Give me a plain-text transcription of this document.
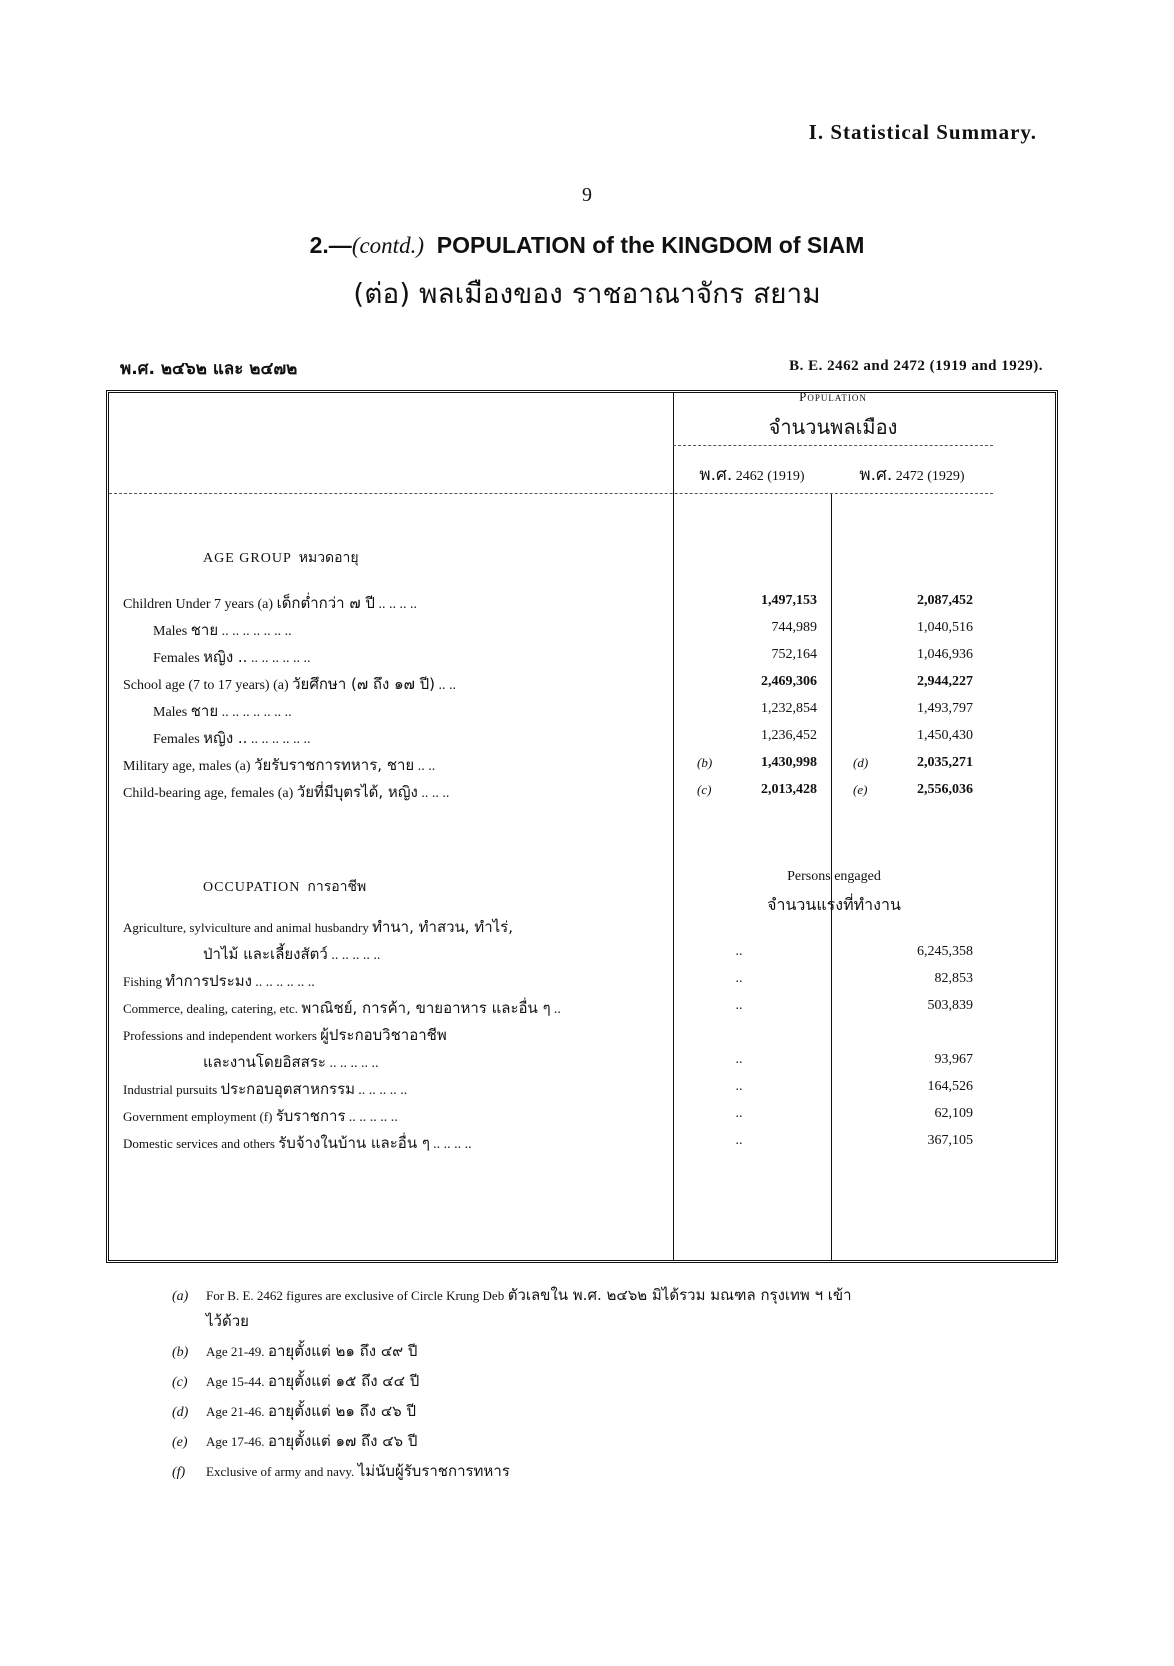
I. Statistical Summary.
9
2.—(contd.) POPULATION of the KINGDOM of SIAM
(ต่อ) พลเมืองของ ราชอาณาจักร สยาม
พ.ศ. ๒๔๖๒ และ ๒๔๗๒	B. E. 2462 and 2472 (1919 and 1929).
Population
จำนวนพลเมือง
พ.ศ. 2462 (1919)	พ.ศ. 2472 (1929)
AGE GROUP หมวดอายุ
Children Under 7 years (a) เด็กต่ำกว่า ๗ ปี .. .. .. ..	1,497,153	2,087,452
Males ชาย .. .. .. .. .. .. ..	744,989	1,040,516
Females หญิง .. .. .. .. .. .. ..	752,164	1,046,936
School age (7 to 17 years) (a) วัยศึกษา (๗ ถึง ๑๗ ปี) .. ..	2,469,306	2,944,227
Males ชาย .. .. .. .. .. .. ..	1,232,854	1,493,797
Females หญิง .. .. .. .. .. .. ..	1,236,452	1,450,430
Military age, males (a) วัยรับราชการทหาร, ชาย .. ..	(b)	1,430,998	(d)	2,035,271
Child-bearing age, females (a) วัยที่มีบุตรได้, หญิง .. .. ..	(c)	2,013,428	(e)	2,556,036
OCCUPATION การอาชีพ
Persons engaged
จำนวนแรงที่ทำงาน
Agriculture, sylviculture and animal husbandry ทำนา, ทำสวน, ทำไร่,
ป่าไม้ และเลี้ยงสัตว์ .. .. .. .. ..	..	6,245,358
Fishing ทำการประมง .. .. .. .. .. ..	..	82,853
Commerce, dealing, catering, etc. พาณิชย์, การค้า, ขายอาหาร และอื่น ๆ ..	..	503,839
Professions and independent workers ผู้ประกอบวิชาอาชีพ
และงานโดยอิสสระ .. .. .. .. ..	..	93,967
Industrial pursuits ประกอบอุตสาหกรรม .. .. .. .. ..	..	164,526
Government employment (f) รับราชการ .. .. .. .. ..	..	62,109
Domestic services and others รับจ้างในบ้าน และอื่น ๆ .. .. .. ..	..	367,105
(a) For B. E. 2462 figures are exclusive of Circle Krung Deb ตัวเลขใน พ.ศ. ๒๔๖๒ มิได้รวม มณฑล กรุงเทพ ฯ เข้า
ไว้ด้วย
(b) Age 21-49. อายุตั้งแต่ ๒๑ ถึง ๔๙ ปี
(c) Age 15-44. อายุตั้งแต่ ๑๕ ถึง ๔๔ ปี
(d) Age 21-46. อายุตั้งแต่ ๒๑ ถึง ๔๖ ปี
(e) Age 17-46. อายุตั้งแต่ ๑๗ ถึง ๔๖ ปี
(f) Exclusive of army and navy. ไม่นับผู้รับราชการทหาร
